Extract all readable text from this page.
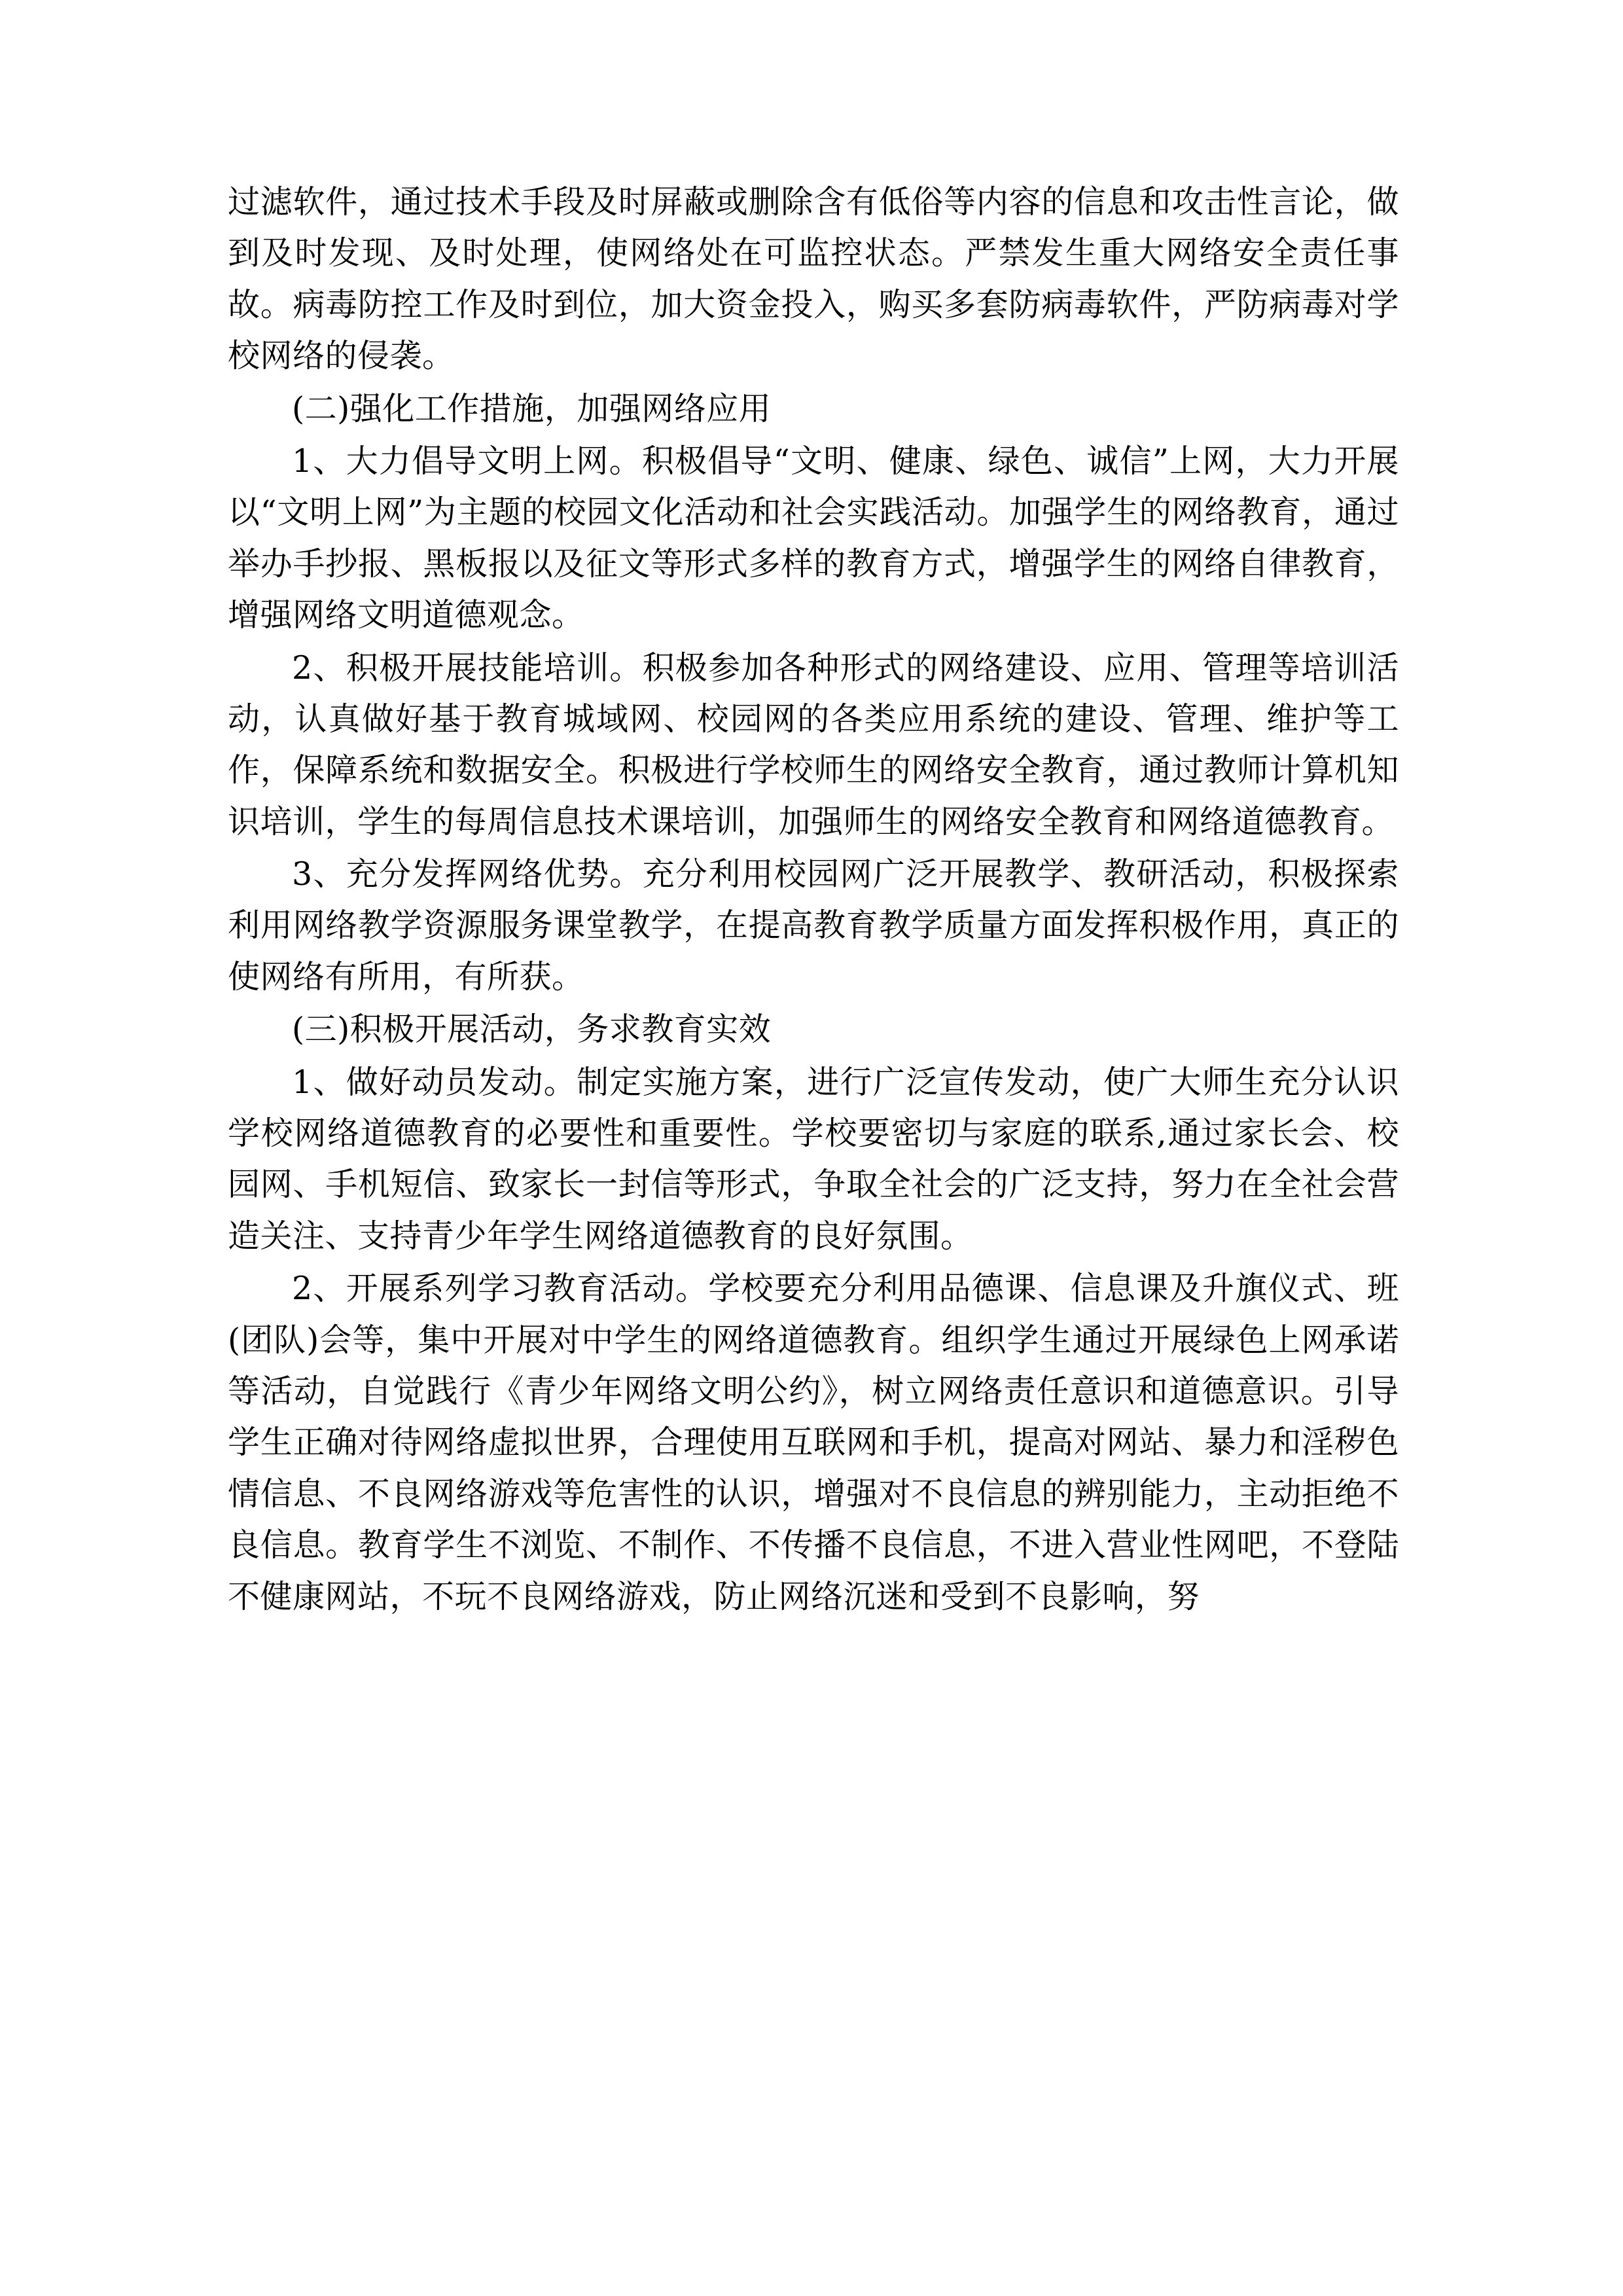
过滤软件，通过技术手段及时屏蔽或删除含有低俗等内容的信息和攻击性言论，做到及时发现、及时处理，使网络处在可监控状态。严禁发生重大网络安全责任事故。病毒防控工作及时到位，加大资金投入，购买多套防病毒软件，严防病毒对学校网络的侵袭。

(二)强化工作措施，加强网络应用

1、大力倡导文明上网。积极倡导“文明、健康、绿色、诚信”上网，大力开展以“文明上网”为主题的校园文化活动和社会实践活动。加强学生的网络教育，通过举办手抄报、黑板报以及征文等形式多样的教育方式，增强学生的网络自律教育，增强网络文明道德观念。

2、积极开展技能培训。积极参加各种形式的网络建设、应用、管理等培训活动，认真做好基于教育城域网、校园网的各类应用系统的建设、管理、维护等工作，保障系统和数据安全。积极进行学校师生的网络安全教育，通过教师计算机知识培训，学生的每周信息技术课培训，加强师生的网络安全教育和网络道德教育。

3、充分发挥网络优势。充分利用校园网广泛开展教学、教研活动，积极探索利用网络教学资源服务课堂教学，在提高教育教学质量方面发挥积极作用，真正的使网络有所用，有所获。

(三)积极开展活动，务求教育实效

1、做好动员发动。制定实施方案，进行广泛宣传发动，使广大师生充分认识学校网络道德教育的必要性和重要性。学校要密切与家庭的联系,通过家长会、校园网、手机短信、致家长一封信等形式，争取全社会的广泛支持，努力在全社会营造关注、支持青少年学生网络道德教育的良好氛围。

2、开展系列学习教育活动。学校要充分利用品德课、信息课及升旗仪式、班(团队)会等，集中开展对中学生的网络道德教育。组织学生通过开展绿色上网承诺等活动，自觉践行《青少年网络文明公约》，树立网络责任意识和道德意识。引导学生正确对待网络虚拟世界，合理使用互联网和手机，提高对网站、暴力和淫秽色情信息、不良网络游戏等危害性的认识，增强对不良信息的辨别能力，主动拒绝不良信息。教育学生不浏览、不制作、不传播不良信息，不进入营业性网吧，不登陆不健康网站，不玩不良网络游戏，防止网络沉迷和受到不良影响，努
